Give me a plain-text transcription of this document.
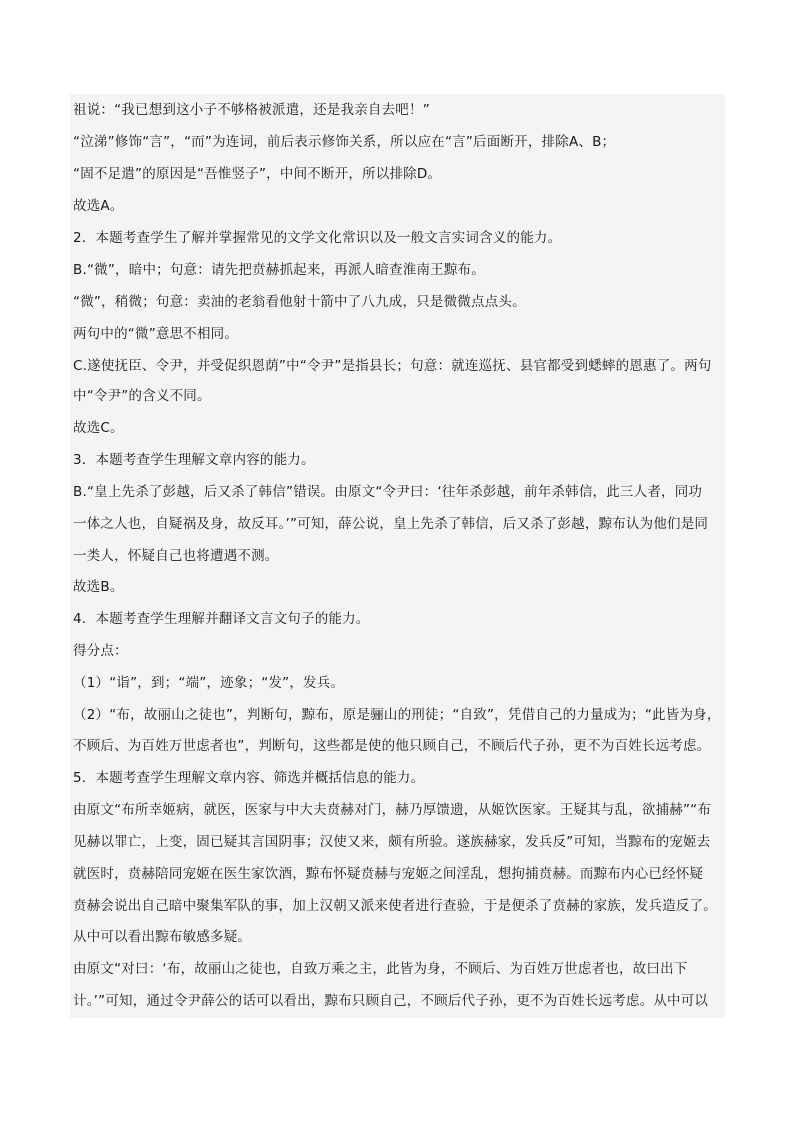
祖说：“我已想到这小子不够格被派遣，还是我亲自去吧！”
“泣涕”修饰“言”，“而”为连词，前后表示修饰关系，所以应在“言”后面断开，排除A、B；
“固不足遣”的原因是“吾惟竖子”，中间不断开，所以排除D。
故选A。
2．本题考查学生了解并掌握常见的文学文化常识以及一般文言实词含义的能力。
B.“微”，暗中；句意：请先把贲赫抓起来，再派人暗查淮南王黥布。
“微”，稍微；句意：卖油的老翁看他射十箭中了八九成，只是微微点点头。
两句中的“微”意思不相同。
C.遂使抚臣、令尹，并受促织恩荫”中“令尹”是指县长；句意：就连巡抚、县官都受到蟋蟀的恩惠了。两句
中“令尹”的含义不同。
故选C。
3．本题考查学生理解文章内容的能力。
B.“皇上先杀了彭越，后又杀了韩信”错误。由原文“令尹曰：‘往年杀彭越，前年杀韩信，此三人者，同功
一体之人也，自疑祸及身，故反耳。’”可知，薛公说，皇上先杀了韩信，后又杀了彭越，黥布认为他们是同
一类人，怀疑自己也将遭遇不测。
故选B。
4．本题考查学生理解并翻译文言文句子的能力。
得分点：
（1）“诣”，到；“端”，迹象；“发”，发兵。
（2）“布，故丽山之徒也”，判断句，黥布，原是骊山的刑徒；“自致”，凭借自己的力量成为；“此皆为身，
不顾后、为百姓万世虑者也”，判断句，这些都是使的他只顾自己，不顾后代子孙，更不为百姓长远考虑。
5．本题考查学生理解文章内容、筛选并概括信息的能力。
由原文“布所幸姬病，就医，医家与中大夫贲赫对门，赫乃厚馈遗，从姬饮医家。王疑其与乱，欲捕赫”“布
见赫以罪亡，上变，固已疑其言国阴事；汉使又来，颇有所验。遂族赫家，发兵反”可知，当黥布的宠姬去
就医时，贲赫陪同宠姬在医生家饮酒，黥布怀疑贲赫与宠姬之间淫乱，想拘捕贲赫。而黥布内心已经怀疑
贲赫会说出自己暗中聚集军队的事，加上汉朝又派来使者进行查验，于是便杀了贲赫的家族，发兵造反了。
从中可以看出黥布敏感多疑。
由原文“对曰：‘布，故丽山之徒也，自致万乘之主，此皆为身，不顾后、为百姓万世虑者也，故曰出下
计。’”可知，通过令尹薛公的话可以看出，黥布只顾自己，不顾后代子孙，更不为百姓长远考虑。从中可以
